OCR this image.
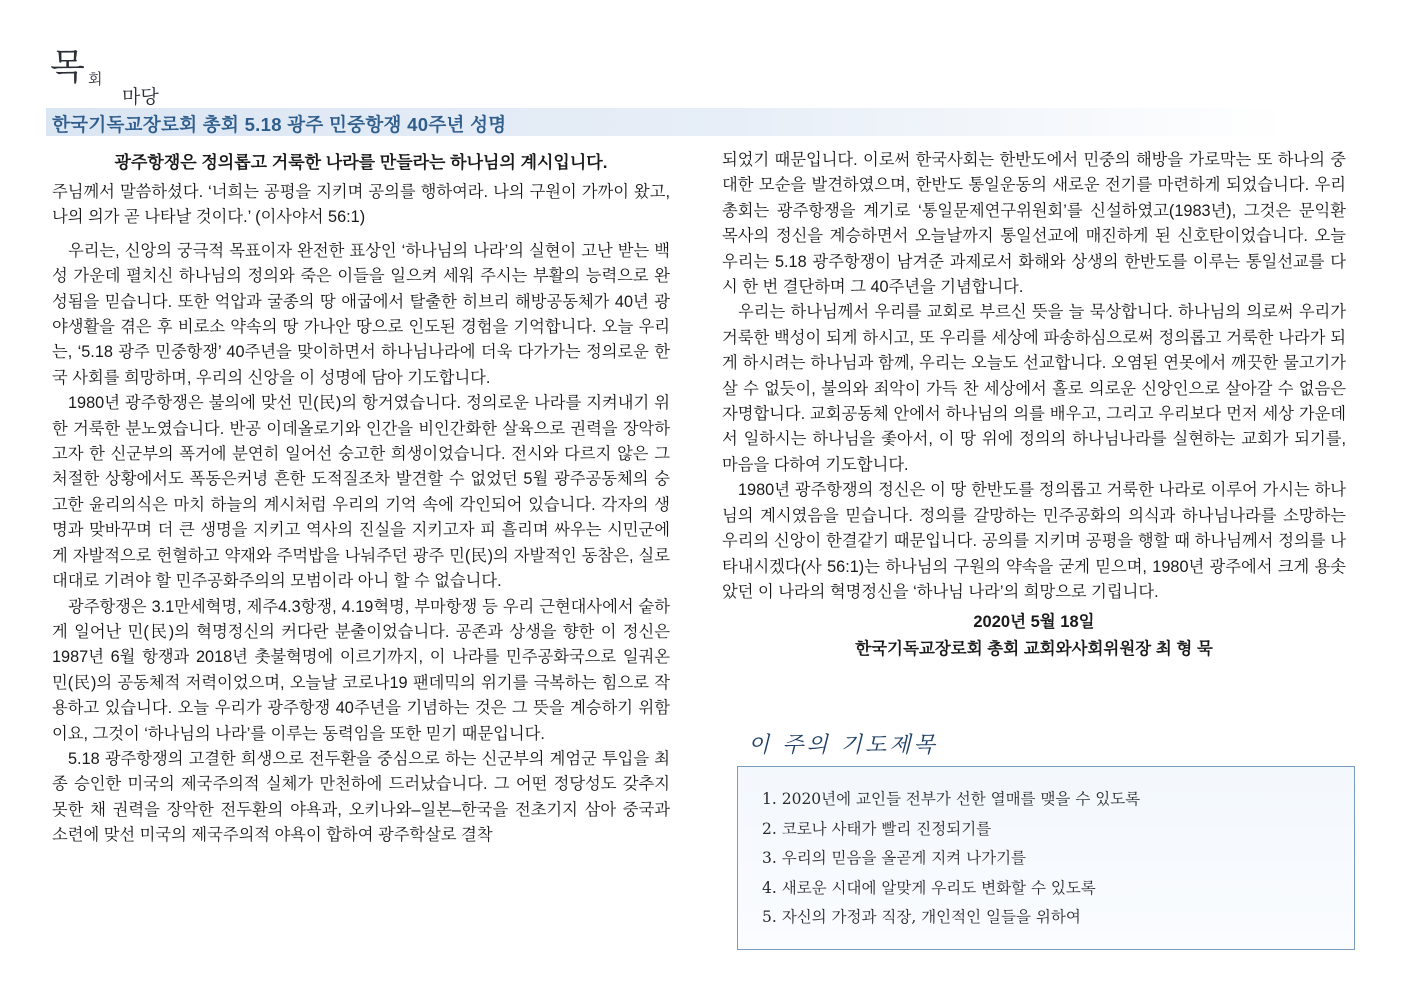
목 회
마당
한국기독교장로회 총회 5.18 광주 민중항쟁 40주년 성명
광주항쟁은 정의롭고 거룩한 나라를 만들라는 하나님의 계시입니다.

주님께서 말씀하셨다. ‘너희는 공평을 지키며 공의를 행하여라. 나의 구원이 가까이 왔고, 나의 의가 곧 나타날 것이다.’ (이사야서 56:1)

우리는, 신앙의 궁극적 목표이자 완전한 표상인 ‘하나님의 나라’의 실현이 고난 받는 백성 가운데 펼치신 하나님의 정의와 죽은 이들을 일으켜 세워 주시는 부활의 능력으로 완성됨을 믿습니다. 또한 억압과 굴종의 땅 애굽에서 탈출한 히브리 해방공동체가 40년 광야생활을 겪은 후 비로소 약속의 땅 가나안 땅으로 인도된 경험을 기억합니다. 오늘 우리는, ‘5.18 광주 민중항쟁’ 40주년을 맞이하면서 하나님나라에 더욱 다가가는 정의로운 한국 사회를 희망하며, 우리의 신앙을 이 성명에 담아 기도합니다.

1980년 광주항쟁은 불의에 맞선 민(民)의 항거였습니다. 정의로운 나라를 지켜내기 위한 거룩한 분노였습니다. 반공 이데올로기와 인간을 비인간화한 살육으로 권력을 장악하고자 한 신군부의 폭거에 분연히 일어선 숭고한 희생이었습니다. 전시와 다르지 않은 그 처절한 상황에서도 폭동은커녕 흔한 도적질조차 발견할 수 없었던 5월 광주공동체의 숭고한 윤리의식은 마치 하늘의 계시처럼 우리의 기억 속에 각인되어 있습니다. 각자의 생명과 맞바꾸며 더 큰 생명을 지키고 역사의 진실을 지키고자 피 흘리며 싸우는 시민군에게 자발적으로 헌혈하고 약재와 주먹밥을 나눠주던 광주 민(民)의 자발적인 동참은, 실로 대대로 기려야 할 민주공화주의의 모범이라 아니 할 수 없습니다.

광주항쟁은 3.1만세혁명, 제주4.3항쟁, 4.19혁명, 부마항쟁 등 우리 근현대사에서 숱하게 일어난 민(民)의 혁명정신의 커다란 분출이었습니다. 공존과 상생을 향한 이 정신은 1987년 6월 항쟁과 2018년 촛불혁명에 이르기까지, 이 나라를 민주공화국으로 일궈온 민(民)의 공동체적 저력이었으며, 오늘날 코로나19 팬데믹의 위기를 극복하는 힘으로 작용하고 있습니다. 오늘 우리가 광주항쟁 40주년을 기념하는 것은 그 뜻을 계승하기 위함이요, 그것이 ‘하나님의 나라’를 이루는 동력임을 또한 믿기 때문입니다.

5.18 광주항쟁의 고결한 희생으로 전두환을 중심으로 하는 신군부의 계엄군 투입을 최종 승인한 미국의 제국주의적 실체가 만천하에 드러났습니다. 그 어떤 정당성도 갖추지 못한 채 권력을 장악한 전두환의 야욕과, 오키나와–일본–한국을 전초기지 삼아 중국과 소련에 맞선 미국의 제국주의적 야욕이 합하여 광주학살로 결착

되었기 때문입니다. 이로써 한국사회는 한반도에서 민중의 해방을 가로막는 또 하나의 중대한 모순을 발견하였으며, 한반도 통일운동의 새로운 전기를 마련하게 되었습니다. 우리 총회는 광주항쟁을 계기로 ‘통일문제연구위원회’를 신설하였고(1983년), 그것은 문익환 목사의 정신을 계승하면서 오늘날까지 통일선교에 매진하게 된 신호탄이었습니다. 오늘 우리는 5.18 광주항쟁이 남겨준 과제로서 화해와 상생의 한반도를 이루는 통일선교를 다시 한 번 결단하며 그 40주년을 기념합니다.

우리는 하나님께서 우리를 교회로 부르신 뜻을 늘 묵상합니다. 하나님의 의로써 우리가 거룩한 백성이 되게 하시고, 또 우리를 세상에 파송하심으로써 정의롭고 거룩한 나라가 되게 하시려는 하나님과 함께, 우리는 오늘도 선교합니다. 오염된 연못에서 깨끗한 물고기가 살 수 없듯이, 불의와 죄악이 가득 찬 세상에서 홀로 의로운 신앙인으로 살아갈 수 없음은 자명합니다. 교회공동체 안에서 하나님의 의를 배우고, 그리고 우리보다 먼저 세상 가운데서 일하시는 하나님을 좇아서, 이 땅 위에 정의의 하나님나라를 실현하는 교회가 되기를, 마음을 다하여 기도합니다.

1980년 광주항쟁의 정신은 이 땅 한반도를 정의롭고 거룩한 나라로 이루어 가시는 하나님의 계시였음을 믿습니다. 정의를 갈망하는 민주공화의 의식과 하나님나라를 소망하는 우리의 신앙이 한결같기 때문입니다. 공의를 지키며 공평을 행할 때 하나님께서 정의를 나타내시겠다(사 56:1)는 하나님의 구원의 약속을 굳게 믿으며, 1980년 광주에서 크게 용솟았던 이 나라의 혁명정신을 ‘하나님 나라’의 희망으로 기립니다.

2020년 5월 18일
한국기독교장로회 총회 교회와사회위원장 최 형 묵
이 주의 기도제목
1. 2020년에 교인들 전부가 선한 열매를 맺을 수 있도록
2. 코로나 사태가 빨리 진정되기를
3. 우리의 믿음을 올곧게 지켜 나가기를
4. 새로운 시대에 알맞게 우리도 변화할 수 있도록
5. 자신의 가정과 직장, 개인적인 일들을 위하여
